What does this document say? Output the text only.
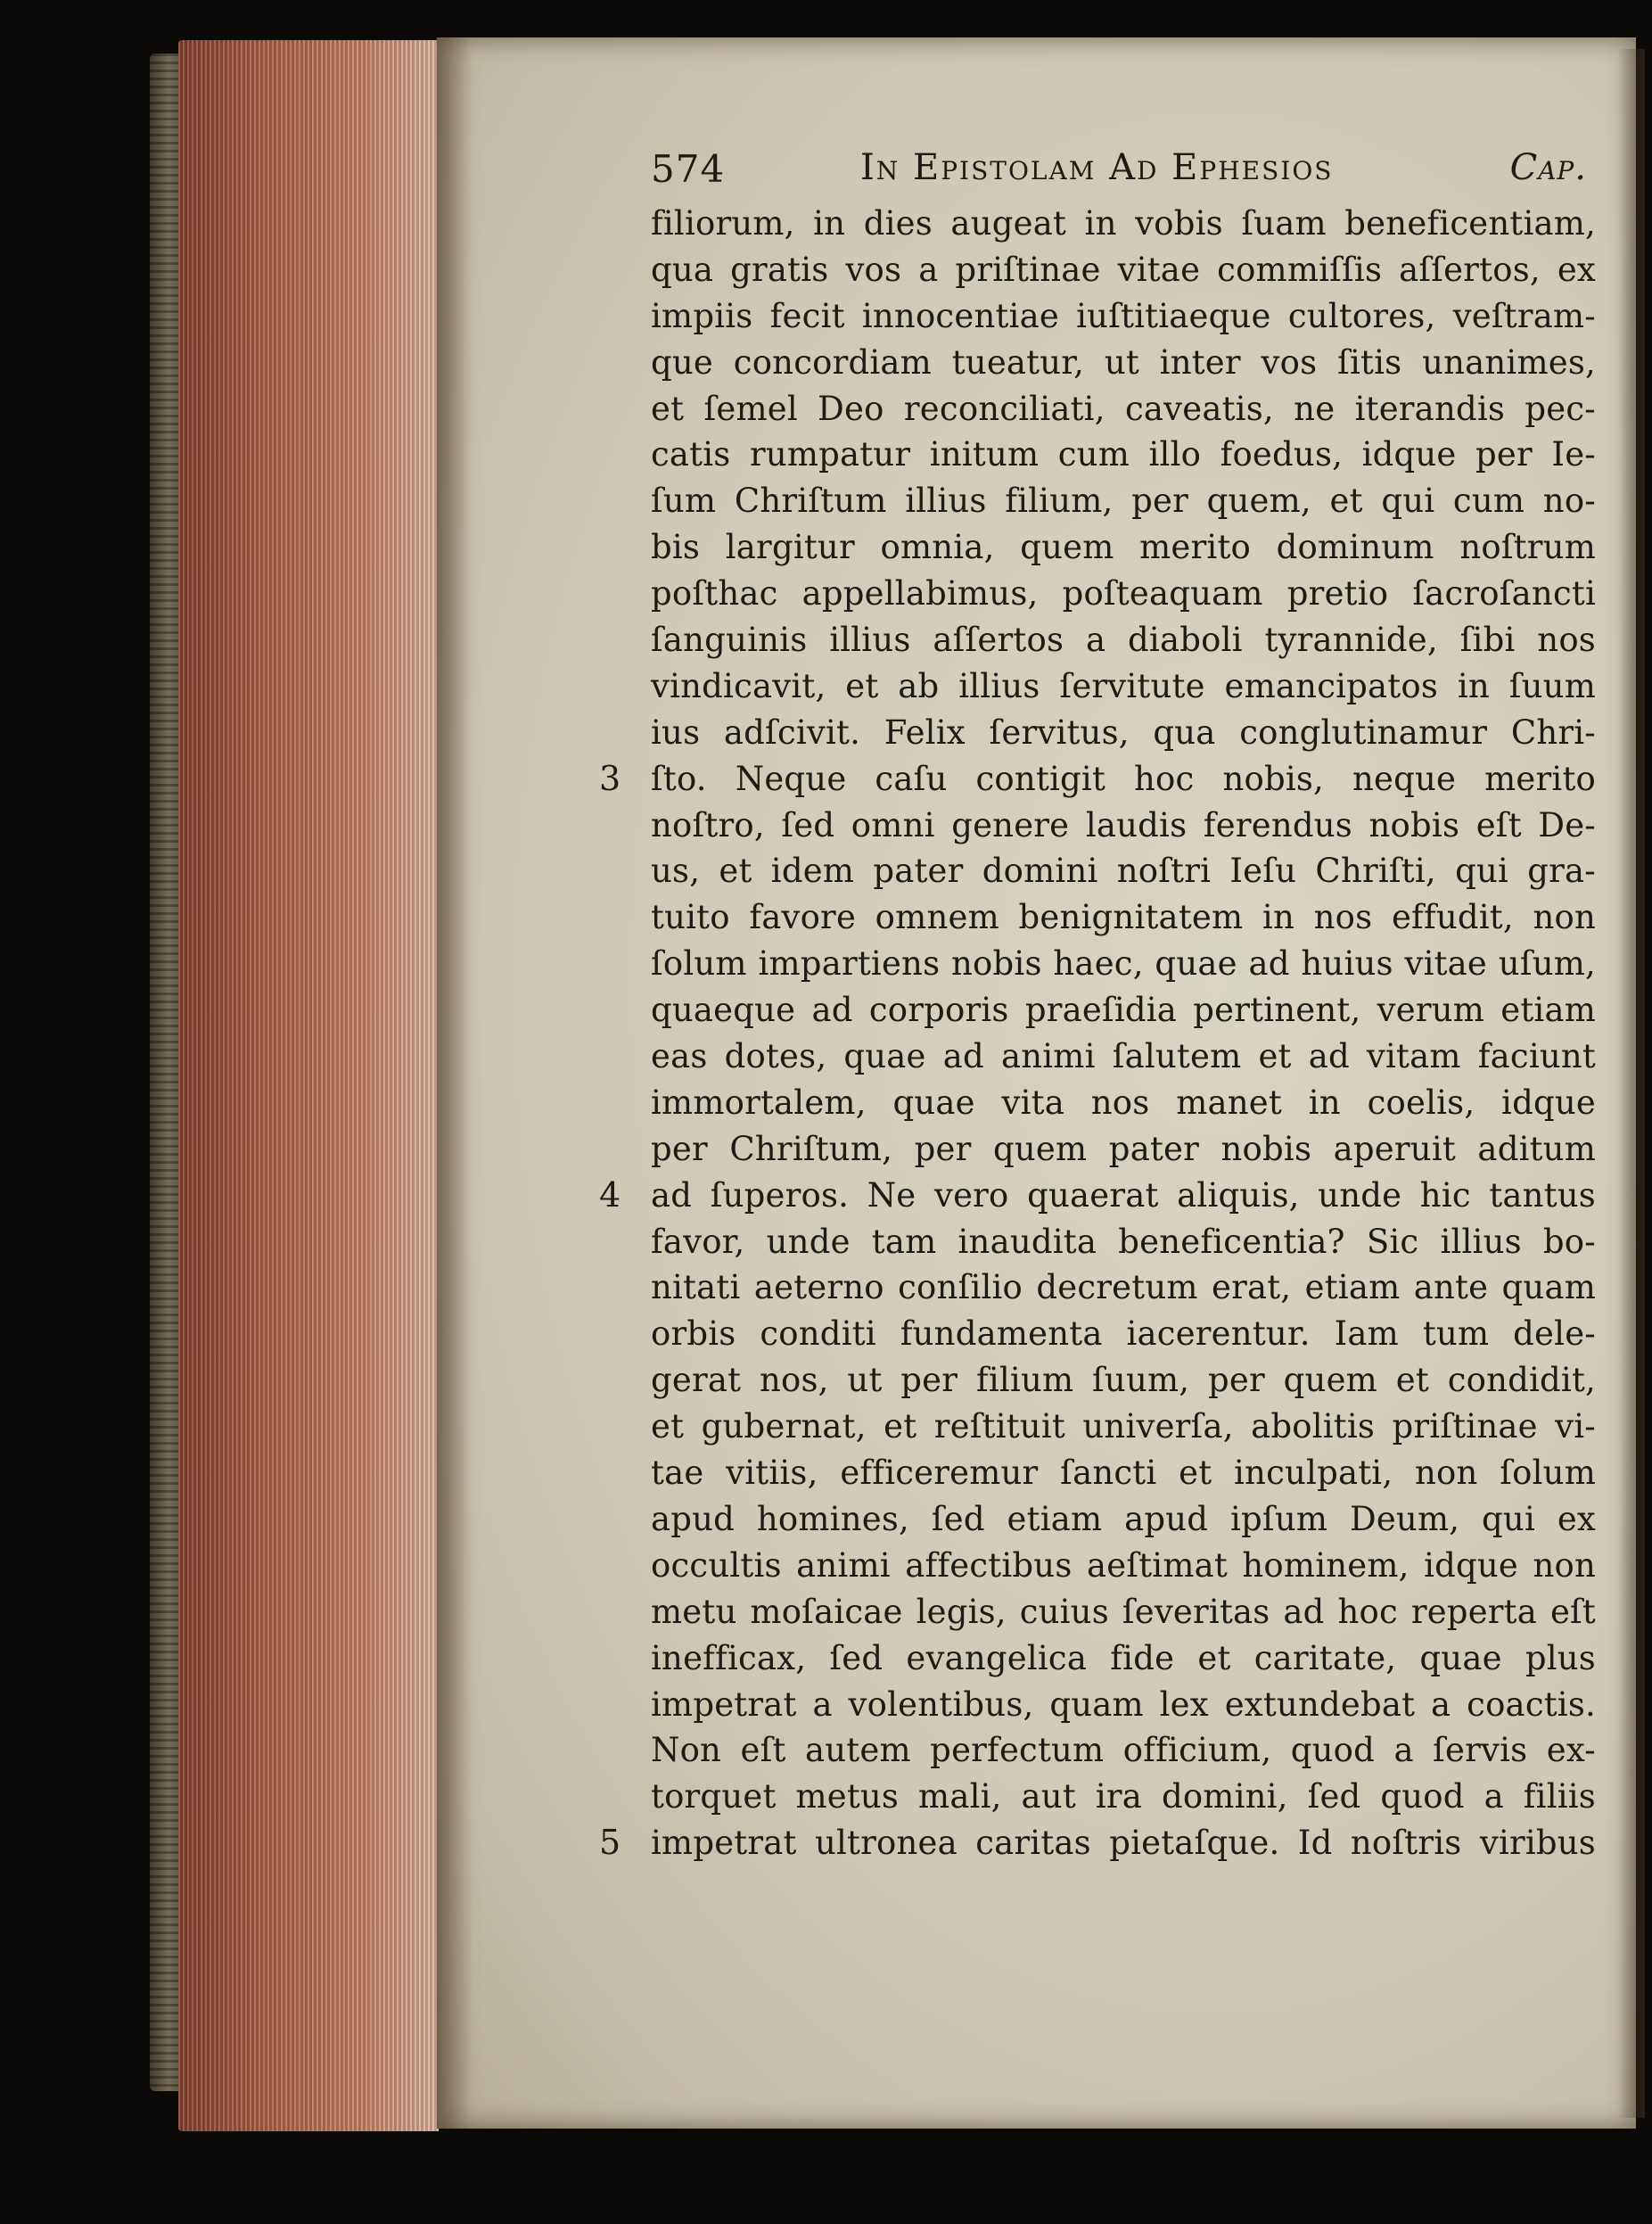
574	In Epistolam Ad Ephesios	Cap.
filiorum, in dies augeat in vobis ſuam beneficentiam,
qua gratis vos a priſtinae vitae commiſſis aſſertos, ex
impiis fecit innocentiae iuſtitiaeque cultores, veſtram-
que concordiam tueatur, ut inter vos ſitis unanimes,
et ſemel Deo reconciliati, caveatis, ne iterandis pec-
catis rumpatur initum cum illo foedus, idque per Ie-
ſum Chriſtum illius filium, per quem, et qui cum no-
bis largitur omnia, quem merito dominum noſtrum
poſthac appellabimus, poſteaquam pretio ſacroſancti
ſanguinis illius aſſertos a diaboli tyrannide, ſibi nos
vindicavit, et ab illius ſervitute emancipatos in ſuum
ius adſcivit. Felix ſervitus, qua conglutinamur Chri-
3 ſto. Neque caſu contigit hoc nobis, neque merito
noſtro, ſed omni genere laudis ferendus nobis eſt De-
us, et idem pater domini noſtri Ieſu Chriſti, qui gra-
tuito favore omnem benignitatem in nos effudit, non
ſolum impartiens nobis haec, quae ad huius vitae uſum,
quaeque ad corporis praeſidia pertinent, verum etiam
eas dotes, quae ad animi ſalutem et ad vitam faciunt
immortalem, quae vita nos manet in coelis, idque
per Chriſtum, per quem pater nobis aperuit aditum
4 ad ſuperos. Ne vero quaerat aliquis, unde hic tantus
favor, unde tam inaudita beneficentia? Sic illius bo-
nitati aeterno conſilio decretum erat, etiam ante quam
orbis conditi fundamenta iacerentur. Iam tum dele-
gerat nos, ut per filium ſuum, per quem et condidit,
et gubernat, et reſtituit univerſa, abolitis priſtinae vi-
tae vitiis, efficeremur ſancti et inculpati, non ſolum
apud homines, ſed etiam apud ipſum Deum, qui ex
occultis animi affectibus aeſtimat hominem, idque non
metu moſaicae legis, cuius ſeveritas ad hoc reperta eſt
inefficax, ſed evangelica fide et caritate, quae plus
impetrat a volentibus, quam lex extundebat a coactis.
Non eſt autem perfectum officium, quod a ſervis ex-
torquet metus mali, aut ira domini, ſed quod a filiis
5 impetrat ultronea caritas pietaſque. Id noſtris viribus
